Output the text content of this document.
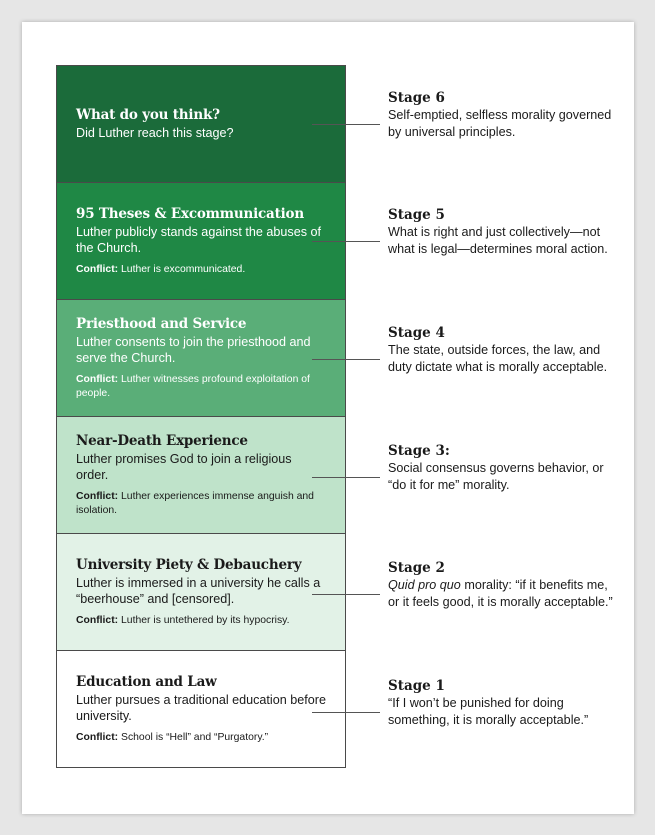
What do you think?
Did Luther reach this stage?
95 Theses & Excommunication
Luther publicly stands against the abuses of the Church.
Conflict: Luther is excommunicated.
Priesthood and Service
Luther consents to join the priesthood and serve the Church.
Conflict: Luther witnesses profound exploitation of people.
Near-Death Experience
Luther promises God to join a religious order.
Conflict: Luther experiences immense anguish and isolation.
University Piety & Debauchery
Luther is immersed in a university he calls a “beerhouse” and [censored].
Conflict: Luther is untethered by its hypocrisy.
Education and Law
Luther pursues a traditional education before university.
Conflict: School is “Hell” and “Purgatory.”
Stage 6
Self-emptied, selfless morality governed by universal principles.
Stage 5
What is right and just collectively—not what is legal—determines moral action.
Stage 4
The state, outside forces, the law, and duty dictate what is morally acceptable.
Stage 3:
Social consensus governs behavior, or “do it for me” morality.
Stage 2
Quid pro quo morality: “if it benefits me, or it feels good, it is morally acceptable.”
Stage 1
“If I won’t be punished for doing something, it is morally acceptable.”
